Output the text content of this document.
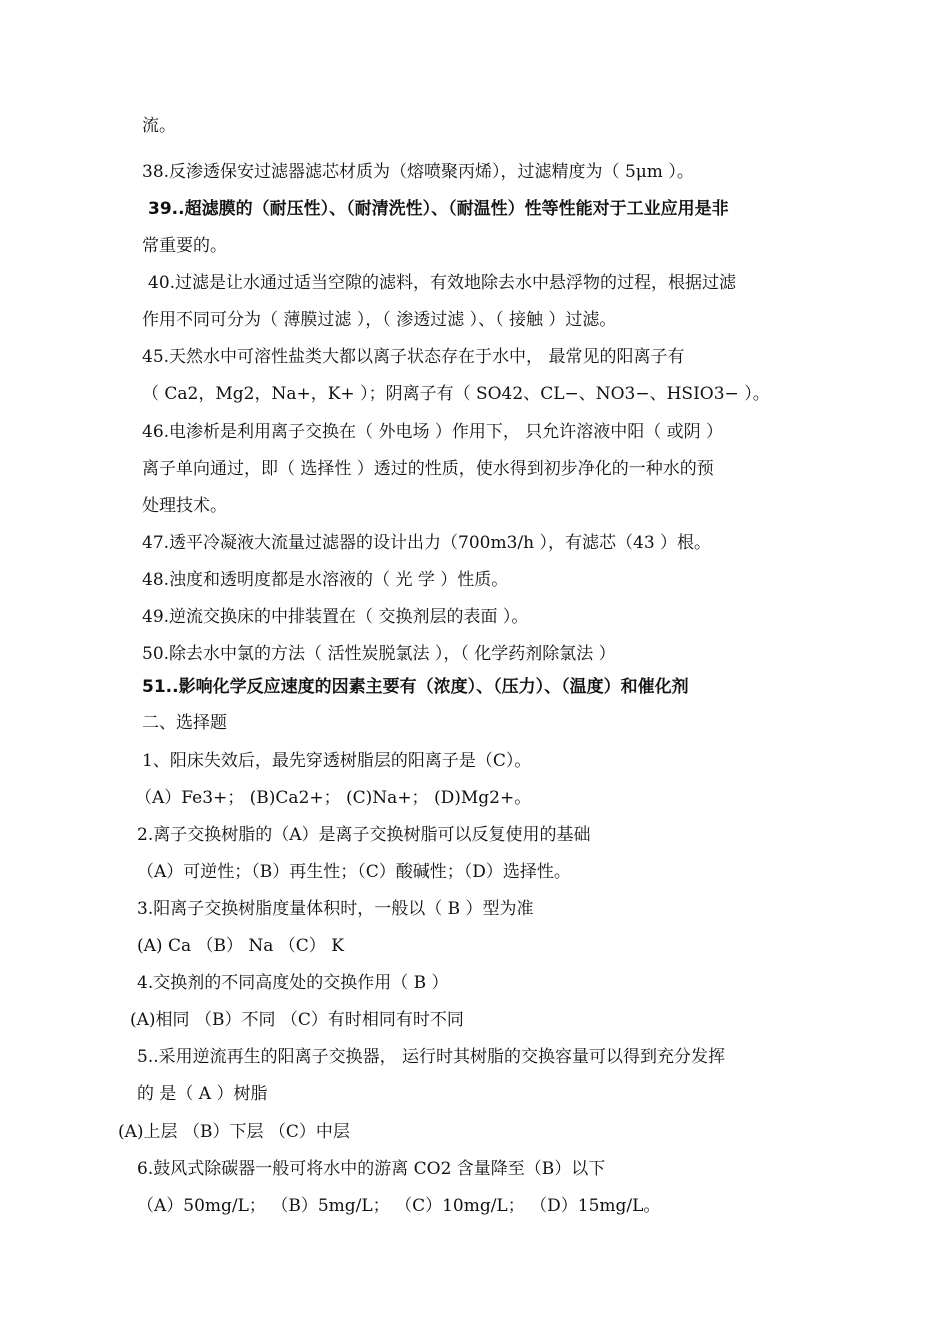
流。
38.反渗透保安过滤器滤芯材质为（熔喷聚丙烯），过滤精度为（ 5μm ）。
39..超滤膜的（耐压性）、（耐清洗性）、（耐温性）性等性能对于工业应用是非
常重要的。
40.过滤是让水通过适当空隙的滤料，有效地除去水中悬浮物的过程，根据过滤
作用不同可分为（ 薄膜过滤 ），（ 渗透过滤 ）、（ 接触 ）过滤。
45.天然水中可溶性盐类大都以离子状态存在于水中， 最常见的阳离子有
（ Ca2，Mg2，Na+，K+ ）；阴离子有（ SO42、CL−、NO3−、HSIO3− ）。
46.电渗析是利用离子交换在（ 外电场 ）作用下， 只允许溶液中阳（ 或阴 ）
离子单向通过，即（ 选择性 ）透过的性质，使水得到初步净化的一种水的预
处理技术。
47.透平冷凝液大流量过滤器的设计出力（700m3/h ），有滤芯（43 ）根。
48.浊度和透明度都是水溶液的（ 光 学 ）性质。
49.逆流交换床的中排装置在（ 交换剂层的表面 ）。
50.除去水中氯的方法（ 活性炭脱氯法 ），（ 化学药剂除氯法 ）
51..影响化学反应速度的因素主要有（浓度）、（压力）、（温度）和催化剂
二、选择题
1、阳床失效后，最先穿透树脂层的阳离子是（C）。
（A）Fe3+； (B)Ca2+； (C)Na+； (D)Mg2+。
2.离子交换树脂的（A）是离子交换树脂可以反复使用的基础
（A）可逆性；（B）再生性；（C）酸碱性；（D）选择性。
3.阳离子交换树脂度量体积时，一般以（ B ）型为准
(A) Ca （B） Na （C） K
4.交换剂的不同高度处的交换作用（ B ）
(A)相同 （B）不同 （C）有时相同有时不同
5..采用逆流再生的阳离子交换器， 运行时其树脂的交换容量可以得到充分发挥
的 是（ A ）树脂
(A)上层 （B）下层 （C）中层
6.鼓风式除碳器一般可将水中的游离 CO2 含量降至（B）以下
（A）50mg/L； （B）5mg/L； （C）10mg/L； （D）15mg/L。
